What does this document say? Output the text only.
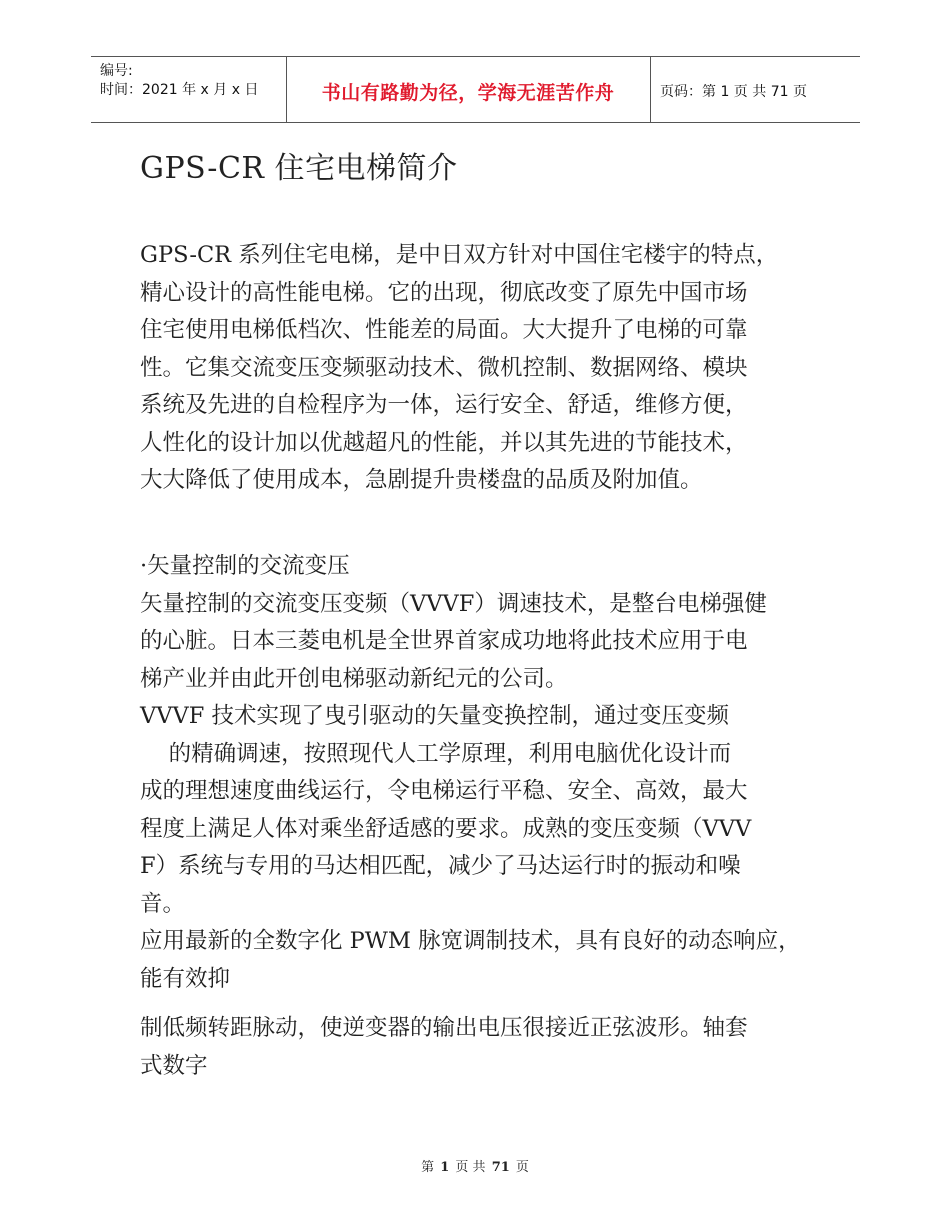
编号:
时间：2021 年 x 月 x 日	书山有路勤为径，学海无涯苦作舟	页码：第 1 页 共 71 页
GPS-CR 住宅电梯简介
GPS-CR 系列住宅电梯，是中日双方针对中国住宅楼宇的特点，
精心设计的高性能电梯。它的出现，彻底改变了原先中国市场
住宅使用电梯低档次、性能差的局面。大大提升了电梯的可靠
性。它集交流变压变频驱动技术、微机控制、数据网络、模块
系统及先进的自检程序为一体，运行安全、舒适，维修方便，
人性化的设计加以优越超凡的性能，并以其先进的节能技术，
大大降低了使用成本，急剧提升贵楼盘的品质及附加值。
·矢量控制的交流变压
矢量控制的交流变压变频（VVVF）调速技术，是整台电梯强健
的心脏。日本三菱电机是全世界首家成功地将此技术应用于电
梯产业并由此开创电梯驱动新纪元的公司。
VVVF 技术实现了曳引驱动的矢量变换控制，通过变压变频
的精确调速，按照现代人工学原理，利用电脑优化设计而
成的理想速度曲线运行，令电梯运行平稳、安全、高效，最大
程度上满足人体对乘坐舒适感的要求。成熟的变压变频（VVV
F）系统与专用的马达相匹配，减少了马达运行时的振动和噪
音。
应用最新的全数字化 PWM 脉宽调制技术，具有良好的动态响应，
能有效抑
制低频转距脉动，使逆变器的输出电压很接近正弦波形。轴套
式数字
第 1 页 共 71 页
